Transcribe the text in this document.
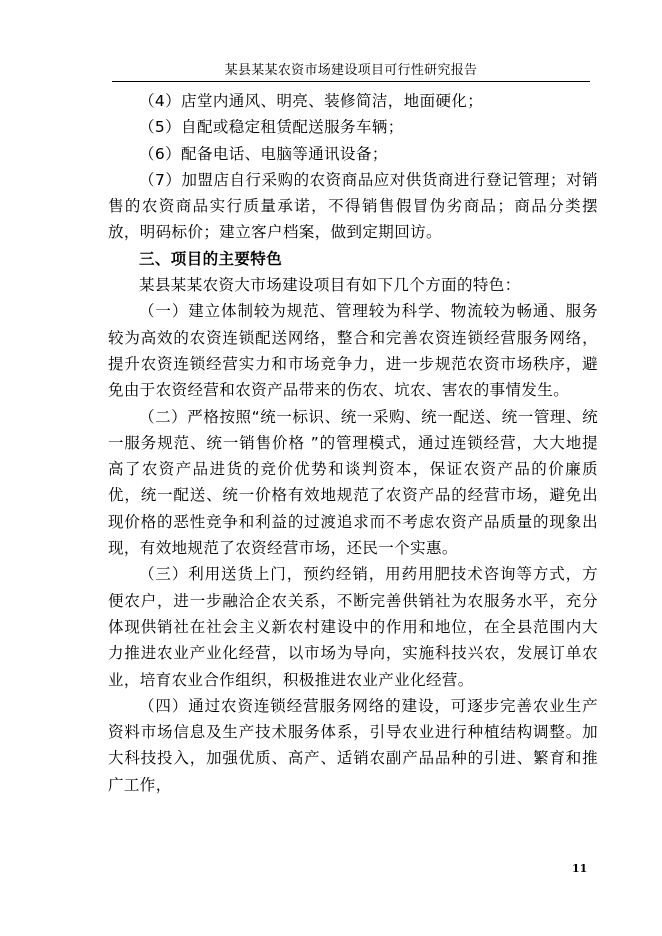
某县某某农资市场建设项目可行性研究报告

（4）店堂内通风、明亮、装修简洁，地面硬化；

（5）自配或稳定租赁配送服务车辆；

（6）配备电话、电脑等通讯设备；

（7）加盟店自行采购的农资商品应对供货商进行登记管理；对销售的农资商品实行质量承诺，不得销售假冒伪劣商品；商品分类摆放，明码标价；建立客户档案，做到定期回访。

三、项目的主要特色

某县某某农资大市场建设项目有如下几个方面的特色：

（一）建立体制较为规范、管理较为科学、物流较为畅通、服务较为高效的农资连锁配送网络，整合和完善农资连锁经营服务网络，提升农资连锁经营实力和市场竞争力，进一步规范农资市场秩序，避免由于农资经营和农资产品带来的伤农、坑农、害农的事情发生。

（二）严格按照“统一标识、统一采购、统一配送、统一管理、统一服务规范、统一销售价格 ”的管理模式，通过连锁经营，大大地提高了农资产品进货的竞价优势和谈判资本，保证农资产品的价廉质优，统一配送、统一价格有效地规范了农资产品的经营市场，避免出现价格的恶性竞争和利益的过渡追求而不考虑农资产品质量的现象出现，有效地规范了农资经营市场，还民一个实惠。

（三）利用送货上门，预约经销，用药用肥技术咨询等方式，方便农户，进一步融洽企农关系，不断完善供销社为农服务水平，充分体现供销社在社会主义新农村建设中的作用和地位，在全县范围内大力推进农业产业化经营，以市场为导向，实施科技兴农，发展订单农业，培育农业合作组织，积极推进农业产业化经营。

（四）通过农资连锁经营服务网络的建设，可逐步完善农业生产资料市场信息及生产技术服务体系，引导农业进行种植结构调整。加大科技投入，加强优质、高产、适销农副产品品种的引进、繁育和推广工作，

11
